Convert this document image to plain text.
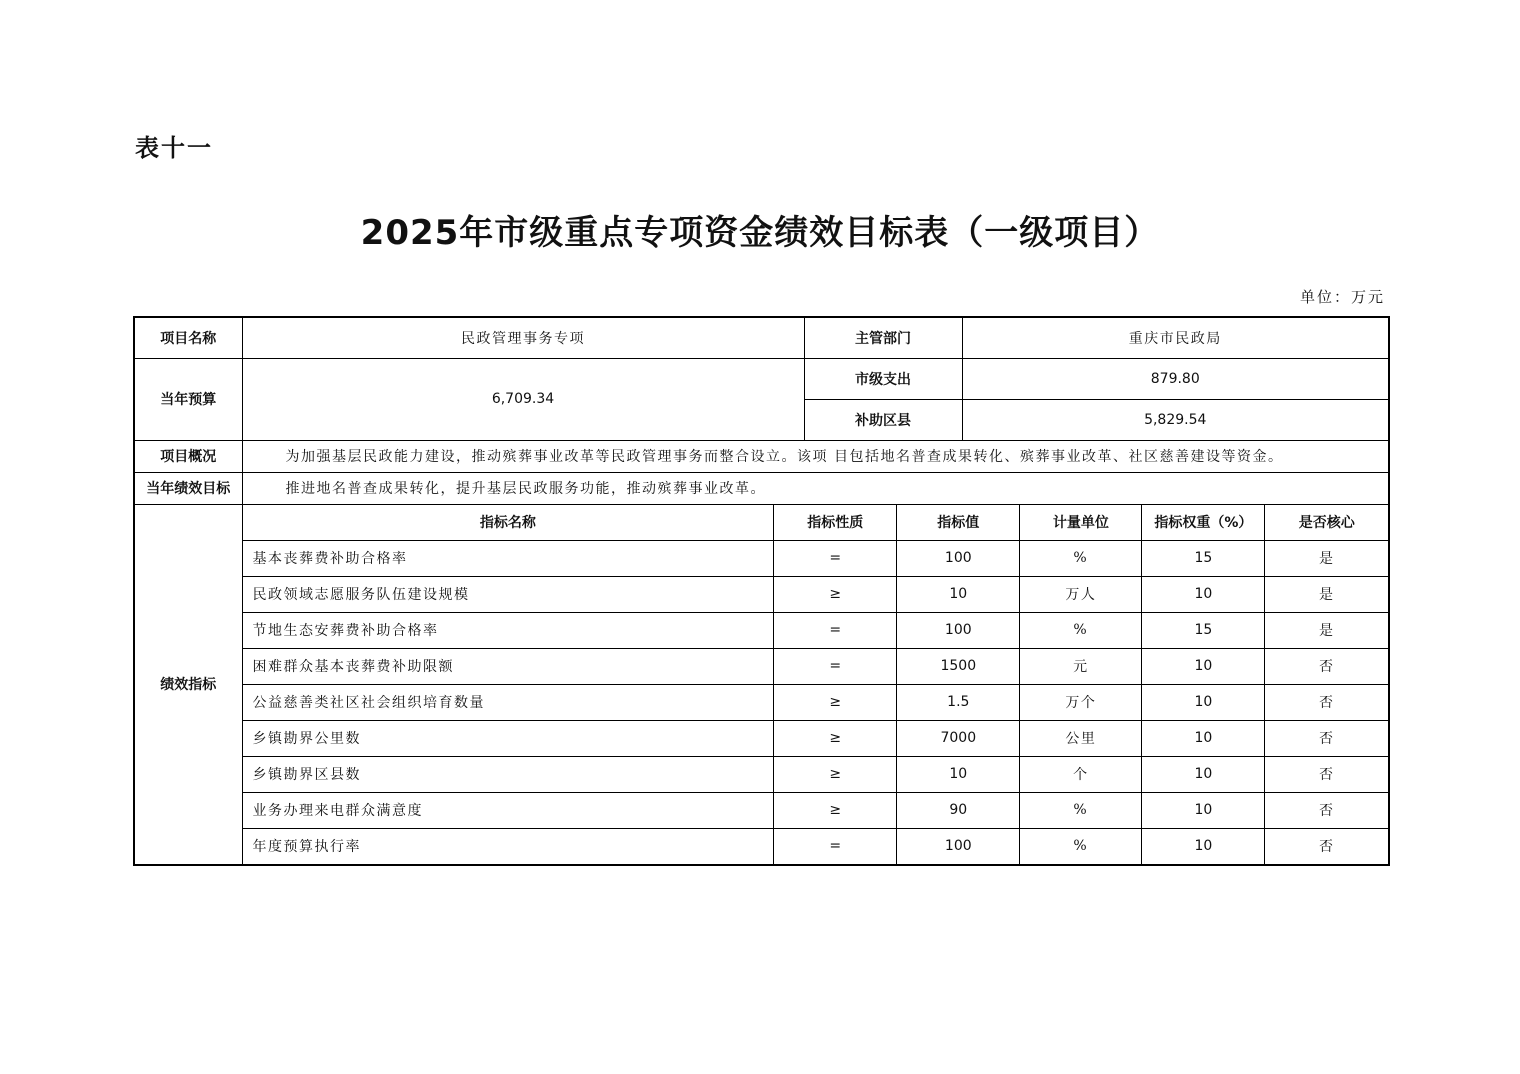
表十一
2025年市级重点专项资金绩效目标表（一级项目）
单位：万元
项目名称	民政管理事务专项	主管部门	重庆市民政局
当年预算	6,709.34	市级支出	879.80
补助区县	5,829.54
项目概况	为加强基层民政能力建设，推动殡葬事业改革等民政管理事务而整合设立。该项 目包括地名普查成果转化、殡葬事业改革、社区慈善建设等资金。
当年绩效目标	推进地名普查成果转化，提升基层民政服务功能，推动殡葬事业改革。
绩效指标	
指标名称	指标性质	指标值	计量单位	指标权重（%）	是否核心
基本丧葬费补助合格率	=	100	%	15	是
民政领域志愿服务队伍建设规模	≥	10	万人	10	是
节地生态安葬费补助合格率	=	100	%	15	是
困难群众基本丧葬费补助限额	=	1500	元	10	否
公益慈善类社区社会组织培育数量	≥	1.5	万个	10	否
乡镇勘界公里数	≥	7000	公里	10	否
乡镇勘界区县数	≥	10	个	10	否
业务办理来电群众满意度	≥	90	%	10	否
年度预算执行率	=	100	%	10	否
